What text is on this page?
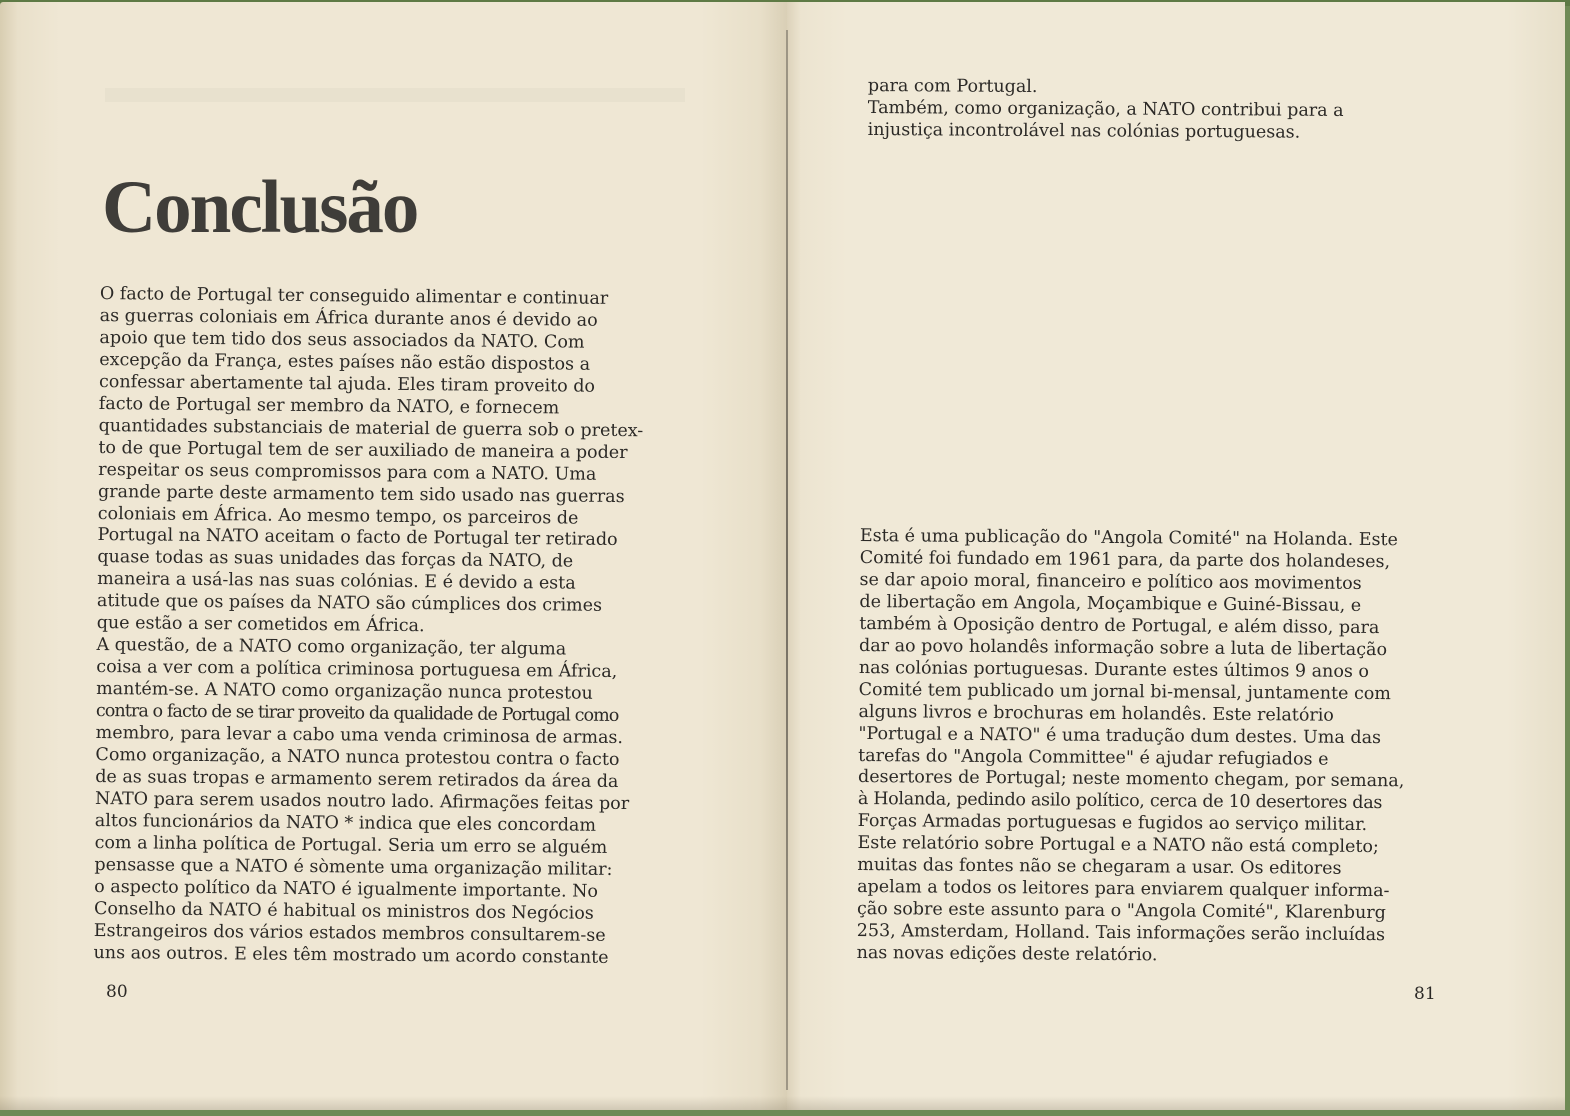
Conclusão
O facto de Portugal ter conseguido alimentar e continuar
as guerras coloniais em África durante anos é devido ao
apoio que tem tido dos seus associados da NATO. Com
excepção da França, estes países não estão dispostos a
confessar abertamente tal ajuda. Eles tiram proveito do
facto de Portugal ser membro da NATO, e fornecem
quantidades substanciais de material de guerra sob o pretex-
to de que Portugal tem de ser auxiliado de maneira a poder
respeitar os seus compromissos para com a NATO. Uma
grande parte deste armamento tem sido usado nas guerras
coloniais em África. Ao mesmo tempo, os parceiros de
Portugal na NATO aceitam o facto de Portugal ter retirado
quase todas as suas unidades das forças da NATO, de
maneira a usá-las nas suas colónias. E é devido a esta
atitude que os países da NATO são cúmplices dos crimes
que estão a ser cometidos em África.
A questão, de a NATO como organização, ter alguma
coisa a ver com a política criminosa portuguesa em África,
mantém-se. A NATO como organização nunca protestou
contra o facto de se tirar proveito da qualidade de Portugal como
membro, para levar a cabo uma venda criminosa de armas.
Como organização, a NATO nunca protestou contra o facto
de as suas tropas e armamento serem retirados da área da
NATO para serem usados noutro lado. Afirmações feitas por
altos funcionários da NATO * indica que eles concordam
com a linha política de Portugal. Seria um erro se alguém
pensasse que a NATO é sòmente uma organização militar:
o aspecto político da NATO é igualmente importante. No
Conselho da NATO é habitual os ministros dos Negócios
Estrangeiros dos vários estados membros consultarem-se
uns aos outros. E eles têm mostrado um acordo constante

80

para com Portugal.
Também, como organização, a NATO contribui para a
injustiça incontrolável nas colónias portuguesas.
Esta é uma publicação do "Angola Comité" na Holanda. Este
Comité foi fundado em 1961 para, da parte dos holandeses,
se dar apoio moral, financeiro e político aos movimentos
de libertação em Angola, Moçambique e Guiné-Bissau, e
também à Oposição dentro de Portugal, e além disso, para
dar ao povo holandês informação sobre a luta de libertação
nas colónias portuguesas. Durante estes últimos 9 anos o
Comité tem publicado um jornal bi-mensal, juntamente com
alguns livros e brochuras em holandês. Este relatório
"Portugal e a NATO" é uma tradução dum destes. Uma das
tarefas do "Angola Committee" é ajudar refugiados e
desertores de Portugal; neste momento chegam, por semana,
à Holanda, pedindo asilo político, cerca de 10 desertores das
Forças Armadas portuguesas e fugidos ao serviço militar.
Este relatório sobre Portugal e a NATO não está completo;
muitas das fontes não se chegaram a usar. Os editores
apelam a todos os leitores para enviarem qualquer informa-
ção sobre este assunto para o "Angola Comité", Klarenburg
253, Amsterdam, Holland. Tais informações serão incluídas
nas novas edições deste relatório.

81
